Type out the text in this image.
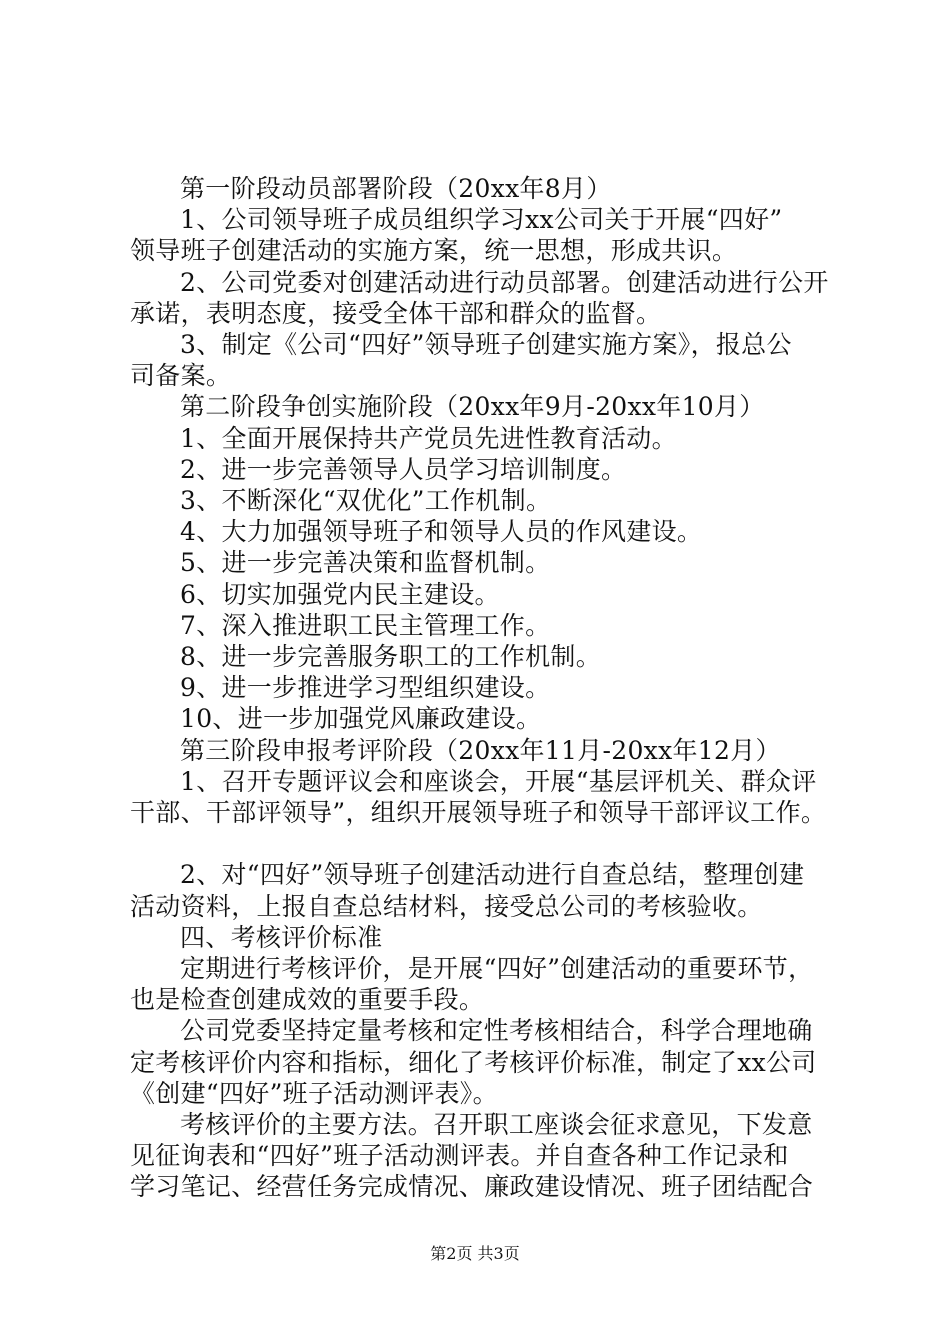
第一阶段动员部署阶段（20xx年8月）
1、公司领导班子成员组织学习xx公司关于开展“四好”
领导班子创建活动的实施方案，统一思想，形成共识。
2、公司党委对创建活动进行动员部署。创建活动进行公开
承诺，表明态度，接受全体干部和群众的监督。
3、制定《公司“四好”领导班子创建实施方案》，报总公
司备案。
第二阶段争创实施阶段（20xx年9月-20xx年10月）
1、全面开展保持共产党员先进性教育活动。
2、进一步完善领导人员学习培训制度。
3、不断深化“双优化”工作机制。
4、大力加强领导班子和领导人员的作风建设。
5、进一步完善决策和监督机制。
6、切实加强党内民主建设。
7、深入推进职工民主管理工作。
8、进一步完善服务职工的工作机制。
9、进一步推进学习型组织建设。
10、进一步加强党风廉政建设。
第三阶段申报考评阶段（20xx年11月-20xx年12月）
1、召开专题评议会和座谈会，开展“基层评机关、群众评
干部、干部评领导”，组织开展领导班子和领导干部评议工作。
2、对“四好”领导班子创建活动进行自查总结，整理创建
活动资料，上报自查总结材料，接受总公司的考核验收。
四、考核评价标准
定期进行考核评价，是开展“四好”创建活动的重要环节，
也是检查创建成效的重要手段。
公司党委坚持定量考核和定性考核相结合，科学合理地确
定考核评价内容和指标，细化了考核评价标准，制定了xx公司
《创建“四好”班子活动测评表》。
考核评价的主要方法。召开职工座谈会征求意见，下发意
见征询表和“四好”班子活动测评表。并自查各种工作记录和
学习笔记、经营任务完成情况、廉政建设情况、班子团结配合
第2页 共3页
